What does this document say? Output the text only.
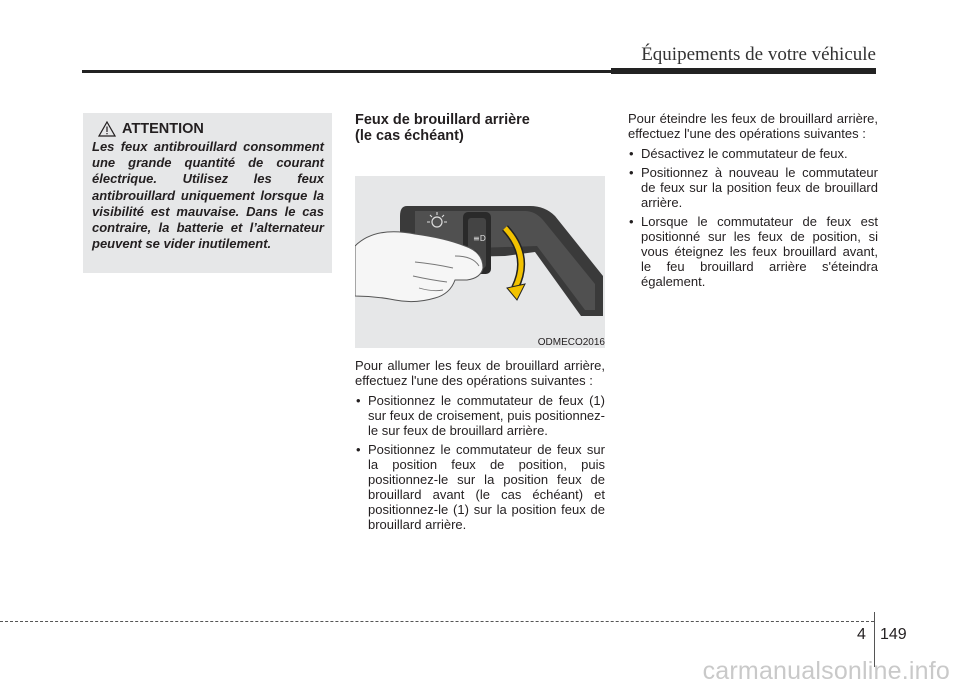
Équipements de votre véhicule
ATTENTION
Les feux antibrouillard consomment une grande quantité de courant électrique. Utilisez les feux antibrouillard uniquement lorsque la visibilité est mauvaise. Dans le cas contraire, la batterie et l’alternateur peuvent se vider inutilement.
Feux de brouillard arrière
(le cas échéant)
≡D
ODMECO2016

Pour allumer les feux de brouillard arrière, effectuez l'une des opérations suivantes :

• Positionnez le commutateur de feux (1) sur feux de croisement, puis positionnez-le sur feux de brouillard arrière.
• Positionnez le commutateur de feux sur la position feux de position, puis positionnez-le sur la position feux de brouillard avant (le cas échéant) et positionnez-le (1) sur la position feux de brouillard arrière.

Pour éteindre les feux de brouillard arrière, effectuez l'une des opérations suivantes :

• Désactivez le commutateur de feux.
• Positionnez à nouveau le commutateur de feux sur la position feux de brouillard arrière.
• Lorsque le commutateur de feux est positionné sur les feux de position, si vous éteignez les feux brouillard avant, le feu brouillard arrière s'éteindra également.
4 149
carmanualsonline.info
